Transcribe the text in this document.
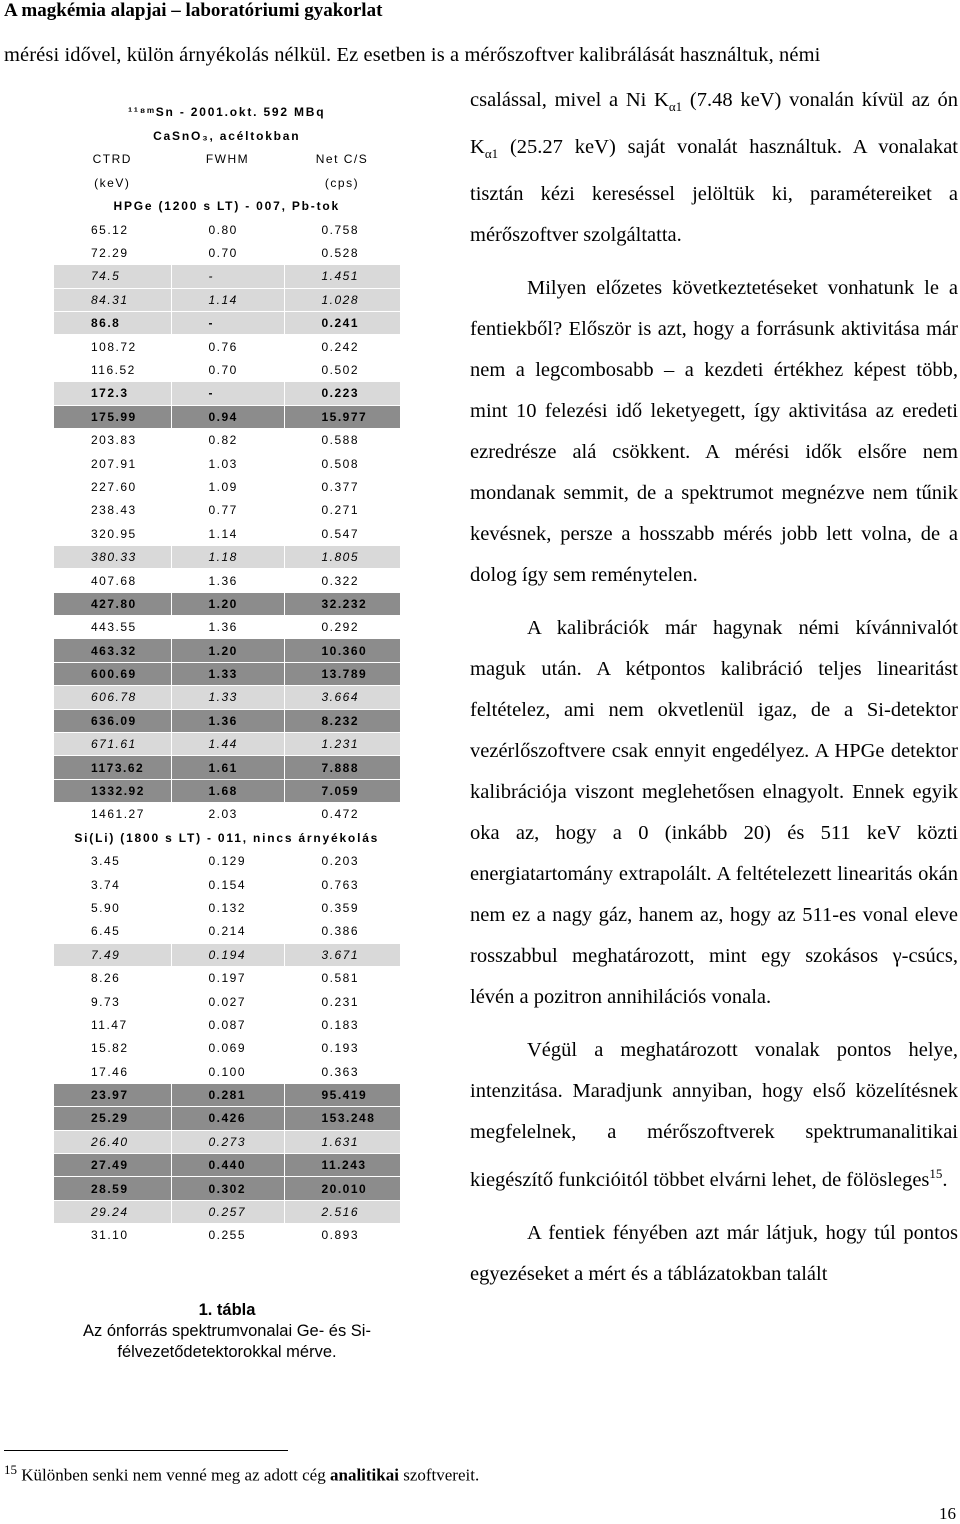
A magkémia alapjai – laboratóriumi gyakorlat
mérési idővel, külön árnyékolás nélkül. Ez esetben is a mérőszoftver kalibrálását használtuk, némi
¹¹⁸ᵐSn - 2001.okt. 592 MBq		
CaSnO₃, acéltokban		
CTRD	FWHM	Net C/S
(keV)		(cps)
HPGe (1200 s LT) - 007, Pb-tok		
65.12	0.80	0.758
72.29	0.70	0.528
74.5	-	1.451
84.31	1.14	1.028
86.8	-	0.241
108.72	0.76	0.242
116.52	0.70	0.502
172.3	-	0.223
175.99	0.94	15.977
203.83	0.82	0.588
207.91	1.03	0.508
227.60	1.09	0.377
238.43	0.77	0.271
320.95	1.14	0.547
380.33	1.18	1.805
407.68	1.36	0.322
427.80	1.20	32.232
443.55	1.36	0.292
463.32	1.20	10.360
600.69	1.33	13.789
606.78	1.33	3.664
636.09	1.36	8.232
671.61	1.44	1.231
1173.62	1.61	7.888
1332.92	1.68	7.059
1461.27	2.03	0.472
Si(Li) (1800 s LT) - 011, nincs árnyékolás		
3.45	0.129	0.203
3.74	0.154	0.763
5.90	0.132	0.359
6.45	0.214	0.386
7.49	0.194	3.671
8.26	0.197	0.581
9.73	0.027	0.231
11.47	0.087	0.183
15.82	0.069	0.193
17.46	0.100	0.363
23.97	0.281	95.419
25.29	0.426	153.248
26.40	0.273	1.631
27.49	0.440	11.243
28.59	0.302	20.010
29.24	0.257	2.516
31.10	0.255	0.893
1. tábla
Az ónforrás spektrumvonalai Ge- és Si-félvezetődetektorokkal mérve.

csalással, mivel a Ni $K_{\alpha 1}$ (7.48 keV) vonalán kívül az ón $K_{\alpha 1}$ (25.27 keV) saját vonalát használtuk. A vonalakat tisztán kézi kereséssel jelöltük ki, paramétereiket a mérőszoftver szolgáltatta.

Milyen előzetes következtetéseket vonhatunk le a fentiekből? Először is azt, hogy a forrásunk aktivitása már nem a legcombosabb – a kezdeti értékhez képest több, mint 10 felezési idő leketyegett, így aktivitása az eredeti ezredrésze alá csökkent. A mérési idők elsőre nem mondanak semmit, de a spektrumot megnézve nem tűnik kevésnek, persze a hosszabb mérés jobb lett volna, de a dolog így sem reménytelen.

A kalibrációk már hagynak némi kívánnivalót maguk után. A kétpontos kalibráció teljes linearitást feltételez, ami nem okvetlenül igaz, de a Si-detektor vezérlőszoftvere csak ennyit engedélyez. A HPGe detektor kalibrációja viszont meglehetősen elnagyolt. Ennek egyik oka az, hogy a 0 (inkább 20) és 511 keV közti energiatartomány extrapolált. A feltételezett linearitás okán nem ez a nagy gáz, hanem az, hogy az 511-es vonal eleve rosszabbul meghatározott, mint egy szokásos γ-csúcs, lévén a pozitron annihilációs vonala.

Végül a meghatározott vonalak pontos helye, intenzitása. Maradjunk annyiban, hogy első közelítésnek megfelelnek, a mérőszoftverek spektrumanalitikai kiegészítő funkcióitól többet elvárni lehet, de fölösleges$^{15}$.

A fentiek fényében azt már látjuk, hogy túl pontos egyezéseket a mért és a táblázatokban talált

$^{15}$ Különben senki nem venné meg az adott cég analitikai szoftvereit.
16
